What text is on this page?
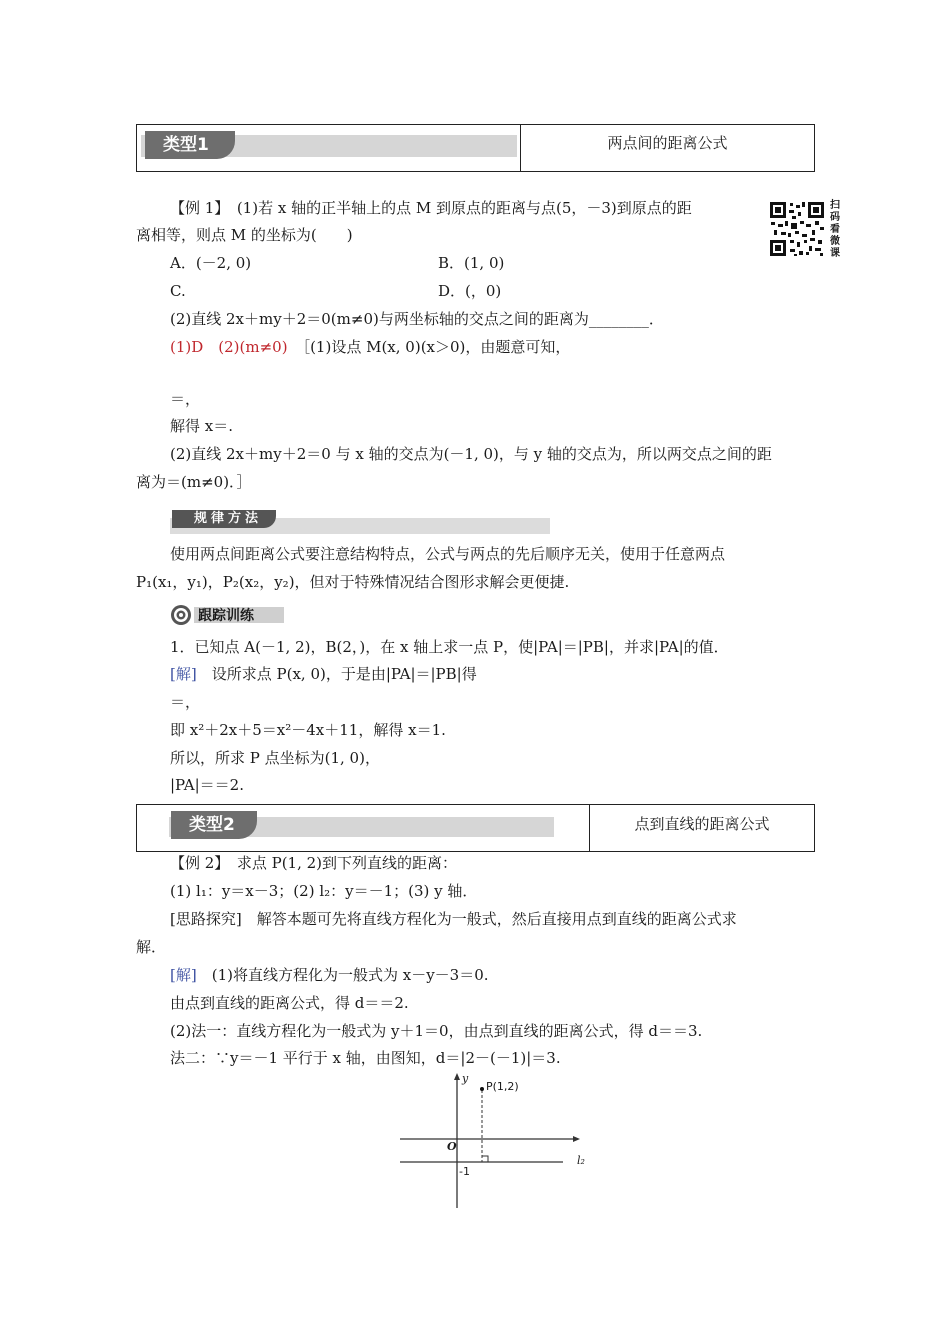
类型1	两点间的距离公式
扫码看微课
【例 1】　 (1)若 x 轴的正半轴上的点 M 到原点的距离与点(5，－3)到原点的距
离相等，则点 M 的坐标为(　　)
A．(－2, 0)	B．(1, 0)
C.	D．(，0)
(2)直线 2x＋my＋2＝0(m≠0)与两坐标轴的交点之间的距离为________．
(1)D　(2)(m≠0)　 ［(1)设点 M(x, 0)(x＞0)，由题意可知，
＝，
解得 x＝.
(2)直线 2x＋my＋2＝0 与 x 轴的交点为(－1, 0)，与 y 轴的交点为，所以两交点之间的距
离为＝(m≠0)．］
规律方法
使用两点间距离公式要注意结构特点，公式与两点的先后顺序无关，使用于任意两点
P₁(x₁，y₁)，P₂(x₂，y₂)，但对于特殊情况结合图形求解会更便捷.
跟踪训练
1．已知点 A(－1, 2)，B(2，)，在 x 轴上求一点 P，使|PA|＝|PB|，并求|PA|的值．
[解]　 设所求点 P(x, 0)，于是由|PA|＝|PB|得
＝，
即 x²＋2x＋5＝x²－4x＋11，解得 x＝1.
所以，所求 P 点坐标为(1, 0)，
|PA|＝＝2.
类型2	点到直线的距离公式
【例 2】　 求点 P(1, 2)到下列直线的距离：
(1) l₁：y＝x－3；(2) l₂：y＝－1；(3) y 轴．
[思路探究]　解答本题可先将直线方程化为一般式，然后直接用点到直线的距离公式求
解．
[解]　 (1)将直线方程化为一般式为 x－y－3＝0.
由点到直线的距离公式，得 d＝＝2.
(2)法一：直线方程化为一般式为 y＋1＝0，由点到直线的距离公式，得 d＝＝3.
法二：∵y＝－1 平行于 x 轴，由图知，d＝|2－(－1)|＝3.
y
P(1,2)
O
-1
l₂
